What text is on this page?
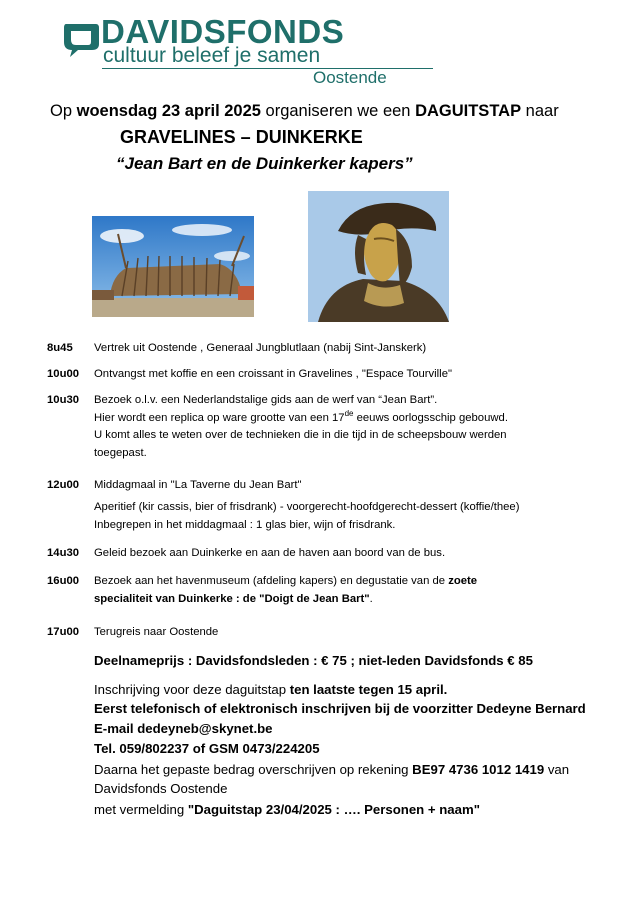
DAVIDSFONDS
cultuur beleef je samen
Oostende
Op woensdag 23 april 2025 organiseren we een DAGUITSTAP naar
GRAVELINES – DUINKERKE
“Jean Bart en de Duinkerker kapers”
8u45	Vertrek uit Oostende , Generaal Jungblutlaan (nabij Sint-Janskerk)
10u00	Ontvangst met koffie en een croissant in Gravelines , "Espace Tourville"
10u30	Bezoek o.l.v. een Nederlandstalige gids aan de werf van “Jean Bart”.
Hier wordt een replica op ware grootte van een 17de eeuws oorlogsschip gebouwd.
U komt alles te weten over de technieken die in die tijd in de scheepsbouw werden
toegepast.
12u00	Middagmaal in "La Taverne du Jean Bart"
Aperitief (kir cassis, bier of frisdrank) - voorgerecht-hoofdgerecht-dessert (koffie/thee)
Inbegrepen in het middagmaal : 1 glas bier, wijn of frisdrank.
14u30	Geleid bezoek aan Duinkerke en aan de haven aan boord van de bus.
16u00	Bezoek aan het havenmuseum (afdeling kapers) en degustatie van de zoete
specialiteit van Duinkerke : de "Doigt de Jean Bart".
17u00	Terugreis naar Oostende
Deelnameprijs : Davidsfondsleden : € 75 ; niet-leden Davidsfonds € 85
Inschrijving voor deze daguitstap ten laatste tegen 15 april.
Eerst telefonisch of elektronisch inschrijven bij de voorzitter Dedeyne Bernard
E-mail dedeyneb@skynet.be
Tel. 059/802237 of GSM 0473/224205
Daarna het gepaste bedrag overschrijven op rekening BE97 4736 1012 1419 van
Davidsfonds Oostende
met vermelding "Daguitstap 23/04/2025 : …. Personen + naam"
